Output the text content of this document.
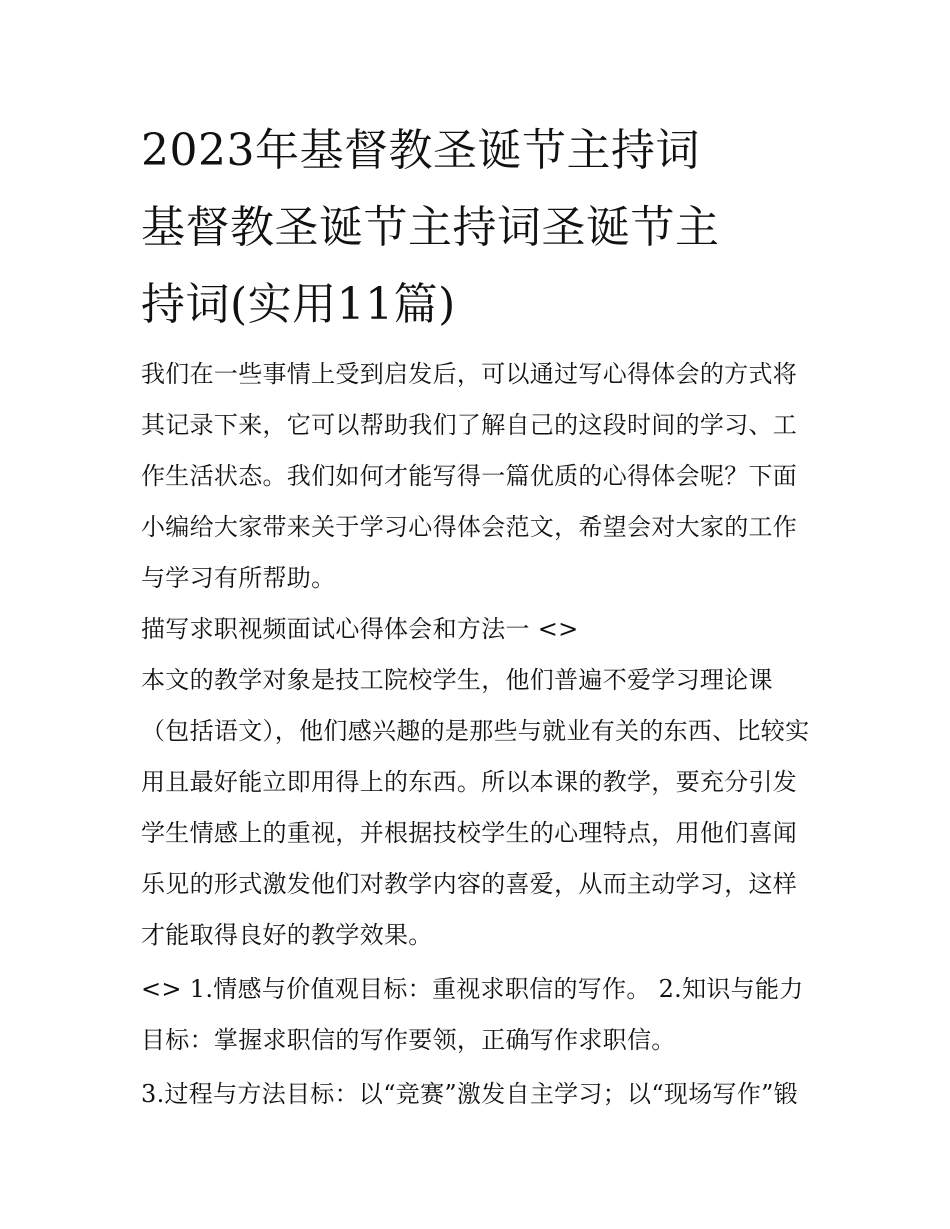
2023年基督教圣诞节主持词
基督教圣诞节主持词圣诞节主
持词(实用11篇)

我们在一些事情上受到启发后，可以通过写心得体会的方式将其记录下来，它可以帮助我们了解自己的这段时间的学习、工作生活状态。我们如何才能写得一篇优质的心得体会呢？下面小编给大家带来关于学习心得体会范文，希望会对大家的工作与学习有所帮助。

描写求职视频面试心得体会和方法一 <>

本文的教学对象是技工院校学生，他们普遍不爱学习理论课（包括语文），他们感兴趣的是那些与就业有关的东西、比较实用且最好能立即用得上的东西。所以本课的教学，要充分引发学生情感上的重视，并根据技校学生的心理特点，用他们喜闻乐见的形式激发他们对教学内容的喜爱，从而主动学习，这样才能取得良好的教学效果。

<> 1.情感与价值观目标：重视求职信的写作。 2.知识与能力目标：掌握求职信的写作要领，正确写作求职信。

3.过程与方法目标：以“竞赛”激发自主学习；以“现场写作”锻
